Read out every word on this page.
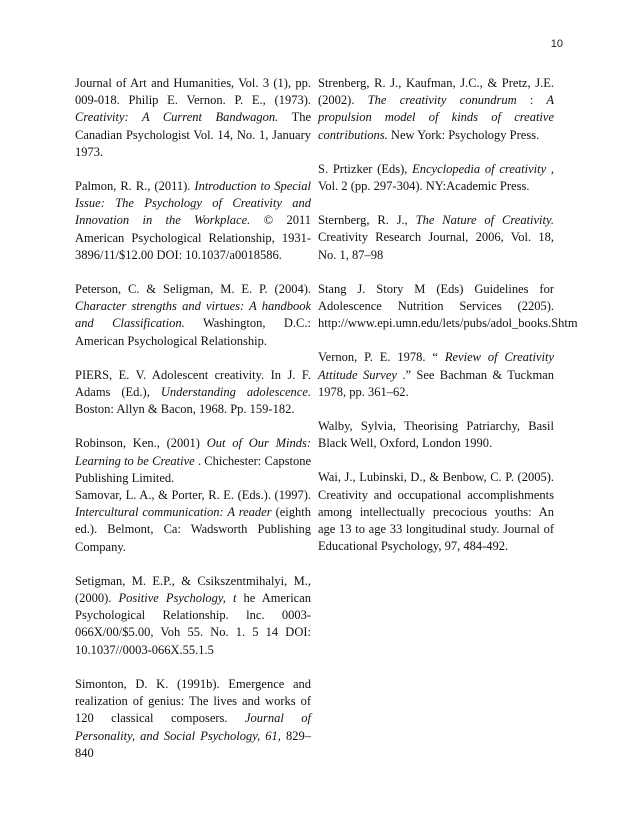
10

Journal of Art and Humanities, Vol. 3 (1), pp. 009-018. Philip E. Vernon. P. E., (1973).Creativity: A Current Bandwagon. The Canadian Psychologist Vol. 14, No. 1, January 1973.

Palmon, R. R., (2011). Introduction to Special Issue: The Psychology of Creativity and Innovation in the Workplace. © 2011 American Psychological Relationship, 1931-3896/11/$12.00 DOI: 10.1037/a0018586.

Peterson, C. & Seligman, M. E. P. (2004).Character strengths and virtues: A handbook and Classification. Washington, D.C.: American Psychological Relationship.

PIERS, E. V. Adolescent creativity. In J. F. Adams (Ed.), Understanding adolescence.Boston: Allyn & Bacon, 1968. Pp. 159-182.

Robinson, Ken., (2001) Out of Our Minds: Learning to be Creative . Chichester: Capstone Publishing Limited.

Samovar, L. A., & Porter, R. E. (Eds.). (1997).Intercultural communication: A reader (eighth ed.). Belmont, Ca: Wadsworth Publishing Company.

Setigman, M. E.P., & Csikszentmihalyi, M., (2000). Positive Psychology, t he American Psychological Relationship. lnc. 0003-066X/00/$5.00, Voh 55. No. 1. 5 14 DOI: 10.1037//0003-066X.55.1.5

Simonton, D. K. (1991b). Emergence and realization of genius: The lives and works of 120 classical composers. Journal of Personality, and Social Psychology, 61, 829–840

Strenberg, R. J., Kaufman, J.C., & Pretz, J.E. (2002). The creativity conundrum : A propulsion model of kinds of creative contributions. New York: Psychology Press.

S. Prtizker (Eds), Encyclopedia of creativity , Vol. 2 (pp. 297-304). NY:Academic Press.

Sternberg, R. J., The Nature of Creativity.Creativity Research Journal, 2006, Vol. 18, No. 1, 87–98

Stang J. Story M (Eds) Guidelines for Adolescence Nutrition Services (2205). http://www.epi.umn.edu/lets/pubs/adol_books.Shtm

Vernon, P. E. 1978. “ Review of Creativity Attitude Survey .” See Bachman & Tuckman 1978, pp. 361–62.

Walby, Sylvia, Theorising Patriarchy, Basil Black Well, Oxford, London 1990.

Wai, J., Lubinski, D., & Benbow, C. P. (2005). Creativity and occupational accomplishments among intellectually precocious youths: An age 13 to age 33 longitudinal study. Journal of Educational Psychology, 97, 484-492.
